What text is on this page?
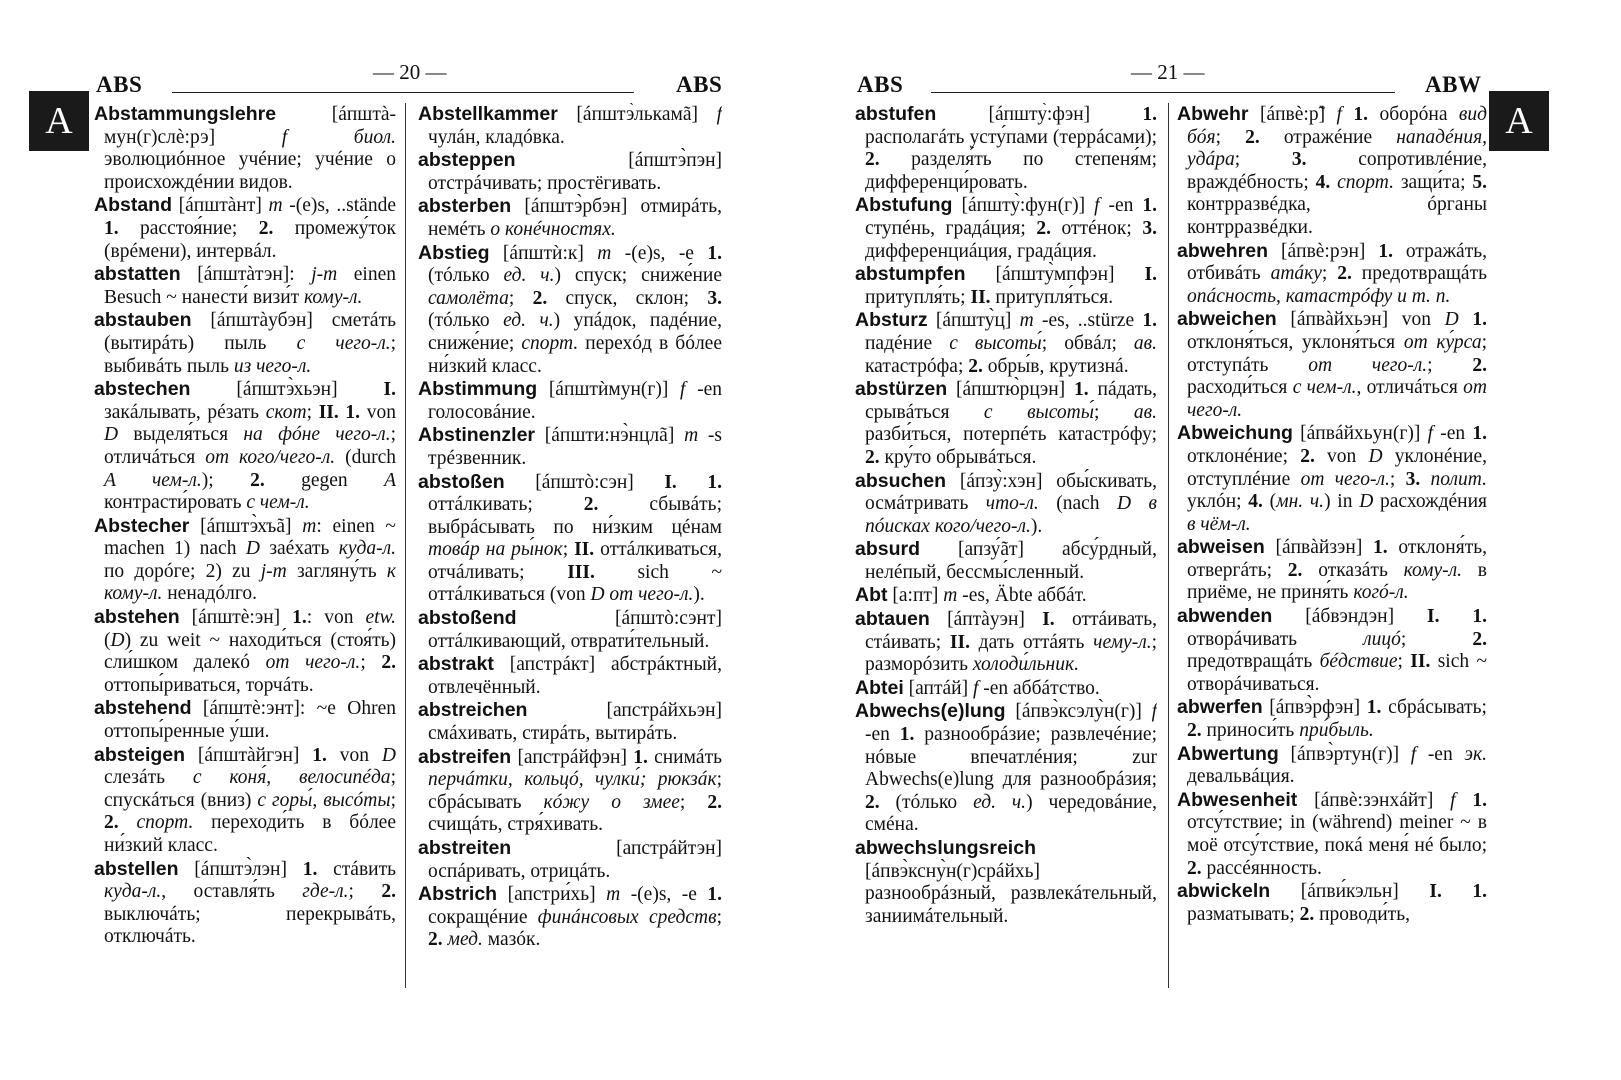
ABS	— 20 —	ABS
A	Abstammungslehre [áпштà-мун(г)слè:рэ] f биол. эволюциóнное учéние; учéние о происхождéнии видов.

Abstand [áпштàнт] m -(e)s, ..stände 1. расстоя́ние; 2. промежу́ток (врéмени), интервáл.

abstatten [áпштàтэн]: j-m einen Besuch ~ нанести́ визи́т кому-л.

abstauben [áпштàубэн] сметáть (вытирáть) пыль с чего-л.; выбивáть пыль из чего-л.

abstechen [áпштэ̀хьэн] I. закáлывать, рéзать скот; II. 1. von D выделя́ться на фóне чего-л.; отличáться от кого/чего-л. (durch A чем-л.); 2. gegen A контрасти́ровать с чем-л.

Abstecher [áпштэ̀хъã] m: einen ~ machen 1) nach D заéхать куда-л. по дорóге; 2) zu j-m загляну́ть к кому-л. ненадóлго.

abstehen [áпштè:эн] 1.: von etw. (D) zu weit ~ находи́ться (стоя́ть) сли́шком далекó от чего-л.; 2. оттопы́риваться, торчáть.

abstehend [áпштè:энт]: ~e Ohren оттопы́ренные у́ши.

absteigen [áпштàйгэн] 1. von D слезáть с коня́, велосипéда; спускáться (вниз) с горы́, высóты; 2. спорт. переходи́ть в бóлее ни́зкий класс.

abstellen [áпштэ̀лэн] 1. стáвить куда-л., оставля́ть где-л.; 2. выключáть; перекрывáть, отключáть.

Abstellkammer [áпштэ̀лькамã] f чулáн, кладóвка.

absteppen [áпштэ̀пэн] отстрáчивать; простёгивать.

absterben [áпштэ̀рбэн] отмирáть, немéть о конéчностях.

Abstieg [áпштѝ:к] m -(e)s, -e 1. (тóлько ед. ч.) спуск; сниже́ние самолёта; 2. спуск, склон; 3. (тóлько ед. ч.) упáдок, падéние, сниже́ние; спорт. перехóд в бóлее ни́зкий класс.

Abstimmung [áпштѝмун(г)] f -en голосовáние.

Abstinenzler [áпшти:нэ̀нцлã] m -s трéзвенник.

abstoßen [áпштò:сэн] I. 1. оттáлкивать; 2. сбывáть; выбрáсывать по ни́зким цéнам товáр на ры́нок; II. оттáлкиваться, отчáливать; III. sich ~ оттáлкиваться (von D от чего-л.).

abstoßend [áпштò:сэнт] оттáлкивающий, отврати́тельный.

abstrakt [апстрáкт] абстрáктный, отвлечённый.

abstreichen [апстрáйхьэн] смáхивать, стирáть, вытирáть.

abstreifen [апстрáйфэн] 1. снимáть перчáтки, кольцó, чулки́; рюкзáк; сбрáсывать кóжу о змее; 2. счищáть, стря́хивать.

abstreiten [апстрáйтэн] оспáривать, отрицáть.

Abstrich [апстри́хь] m -(e)s, -e 1. сокращéние финáнсовых средств; 2. мед. мазóк.

ABS	— 21 —	ABW
A

abstufen [áпшту̀:фэн] 1. располагáть усту́пами (террáсами); 2. разделя́ть по степеня́м; дифференци́ровать.

Abstufung [áпшту̀:фун(г)] f -en 1. ступéнь, градáция; 2. оттéнок; 3. дифференциáция, градáция.

abstumpfen [áпшту̀мпфэн] I. притупля́ть; II. притупля́ться.

Absturz [áпшту̀ц] m -es, ..stürze 1. падéние с высоты́; обвáл; ав. катастрóфа; 2. обры́в, крутизнá.

abstürzen [áпштю̀рцэн] 1. пáдать, срывáться с высоты́; ав. разби́ться, потерпéть катастрóфу; 2. кру́то обрывáться.

absuchen [áпзу̀:хэн] обы́скивать, осмáтривать что-л. (nach D в пóисках кого/чего-л.).

absurd [апзу́ãт] абсу́рдный, нелéпый, бессмы́сленный.

Abt [а:пт] m -es, Äbte аббáт.

abtauen [áптàуэн] I. оттáивать, стáивать; II. дать оттáять чему-л.; разморóзить холоди́льник.

Abtei [аптáй] f -en аббáтство.

Abwechs(e)lung [áпвэ̀ксэлу̀н(г)] f -en 1. разнообрáзие; развлечéние; нóвые впечатлéния; zur Abwechs(e)lung для разнообрáзия; 2. (тóлько ед. ч.) чередовáние, смéна.

abwechslungsreich [áпвэ̀ксну̀н(г)срáйхь] разнообрáзный, развлекáтельный, заниимáтельный.

Abwehr [áпвè:р̃] f 1. оборóна вид бóя; 2. отражéние нападéния, удáра; 3. сопротивлéние, враждéбность; 4. спорт. защи́та; 5. контрразвéдка, óрганы контрразвéдки.

abwehren [áпвè:рэн] 1. отражáть, отбивáть атáку; 2. предотвращáть опáсность, катастрóфу и т. п.

abweichen [áпвàйхьэн] von D 1. отклоня́ться, уклоня́ться от ку́рса; отступáть от чего-л.; 2. расходи́ться с чем-л., отличáться от чего-л.

Abweichung [áпвáйхьун(г)] f -en 1. отклонéние; 2. von D уклонéние, отступлéние от чего-л.; 3. полит. уклóн; 4. (мн. ч.) in D расхождéния в чём-л.

abweisen [áпвàйзэн] 1. отклоня́ть, отвергáть; 2. отказáть кому-л. в приёме, не приня́ть когó-л.

abwenden [áбвэндэн] I. 1. отворáчивать лицó; 2. предотвращáть бéдствие; II. sich ~ отворáчиваться.

abwerfen [áпвэ̀рфэн] 1. сбрáсывать; 2. приноси́ть при́быль.

Abwertung [áпвэ̀ртун(г)] f -en эк. девальвáция.

Abwesenheit [áпвè:зэнхáйт] f 1. отсу́тствие; in (während) meiner ~ в моё отсу́тствие, покá меня́ нé было; 2. рассéянность.

abwickeln [áпви́кэльн] I. 1. разматывать; 2. проводи́ть,
